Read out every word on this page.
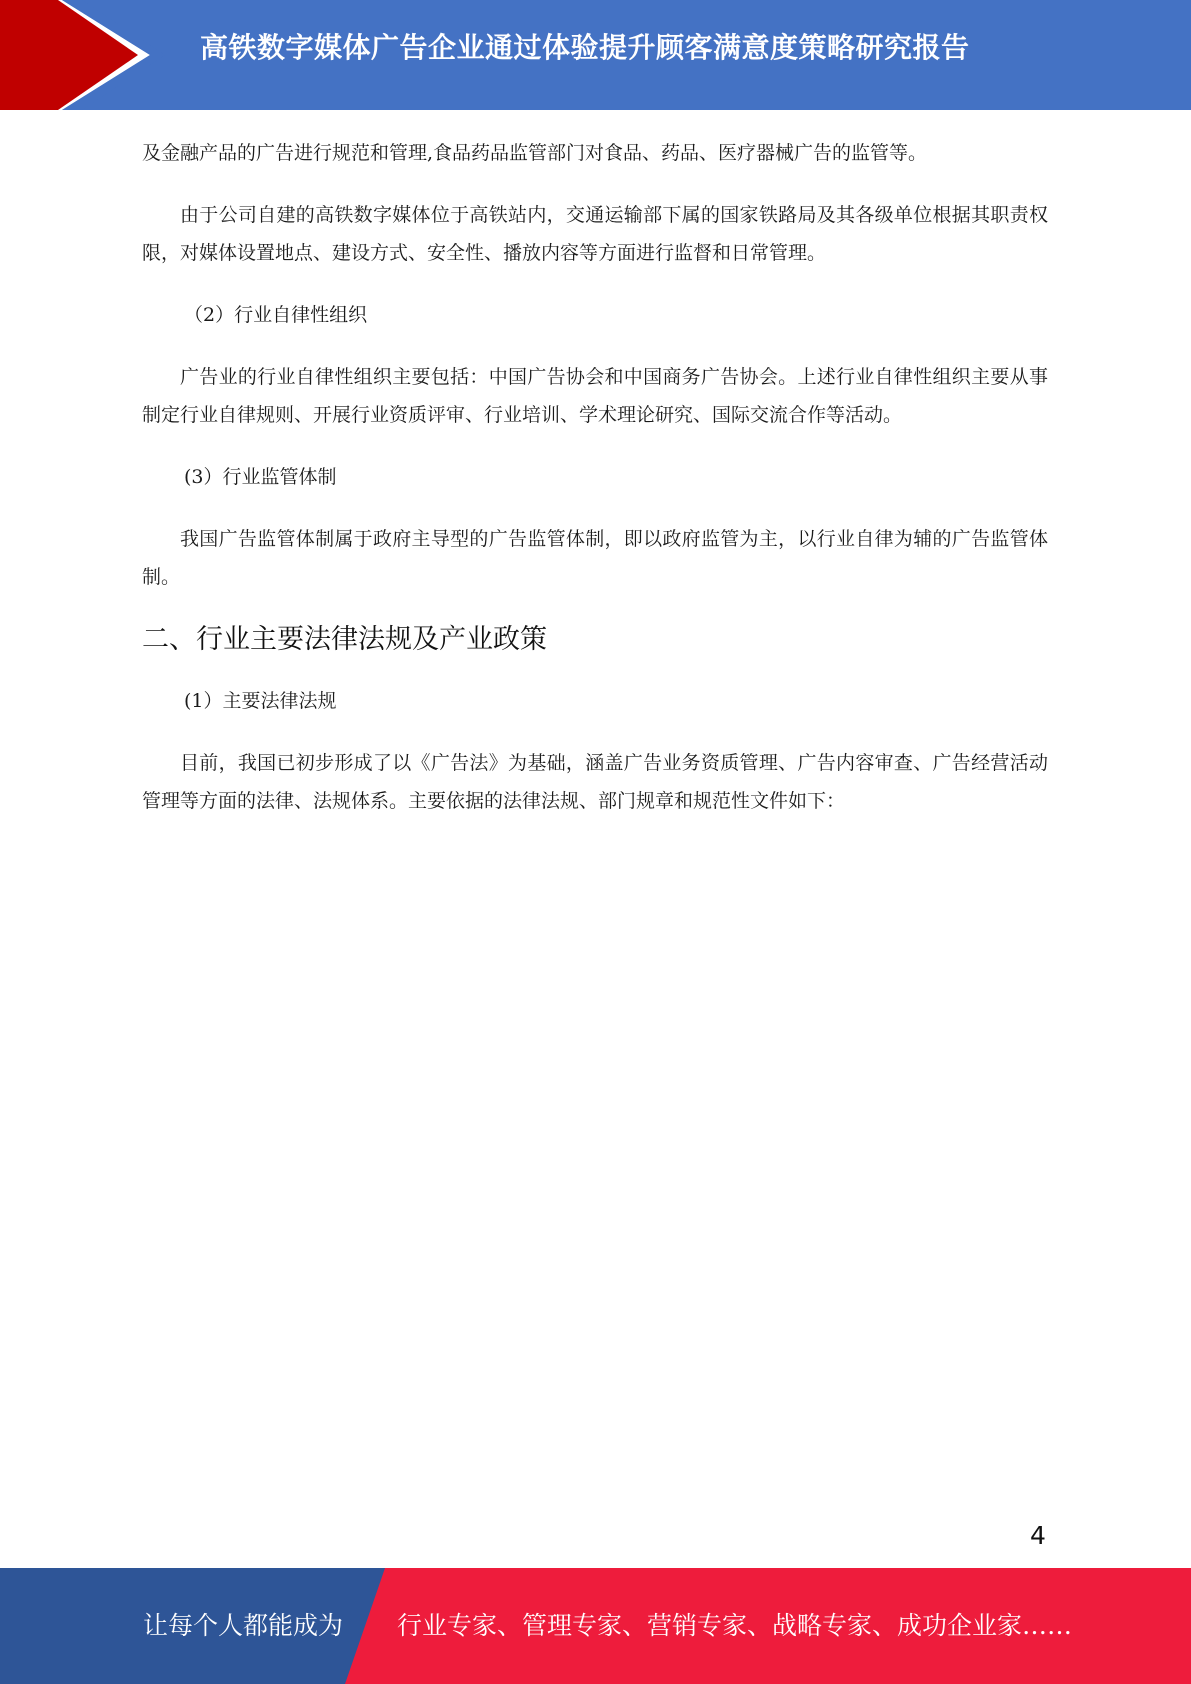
高铁数字媒体广告企业通过体验提升顾客满意度策略研究报告

及金融产品的广告进行规范和管理,食品药品监管部门对食品、药品、医疗器械广告的监管等。

由于公司自建的高铁数字媒体位于高铁站内，交通运输部下属的国家铁路局及其各级单位根据其职责权限，对媒体设置地点、建设方式、安全性、播放内容等方面进行监督和日常管理。

（2）行业自律性组织

广告业的行业自律性组织主要包括：中国广告协会和中国商务广告协会。上述行业自律性组织主要从事制定行业自律规则、开展行业资质评审、行业培训、学术理论研究、国际交流合作等活动。

(3）行业监管体制

我国广告监管体制属于政府主导型的广告监管体制，即以政府监管为主，以行业自律为辅的广告监管体制。

二、行业主要法律法规及产业政策

(1）主要法律法规

目前，我国已初步形成了以《广告法》为基础，涵盖广告业务资质管理、广告内容审查、广告经营活动管理等方面的法律、法规体系。主要依据的法律法规、部门规章和规范性文件如下：

4
让每个人都能成为 行业专家、管理专家、营销专家、战略专家、成功企业家……
